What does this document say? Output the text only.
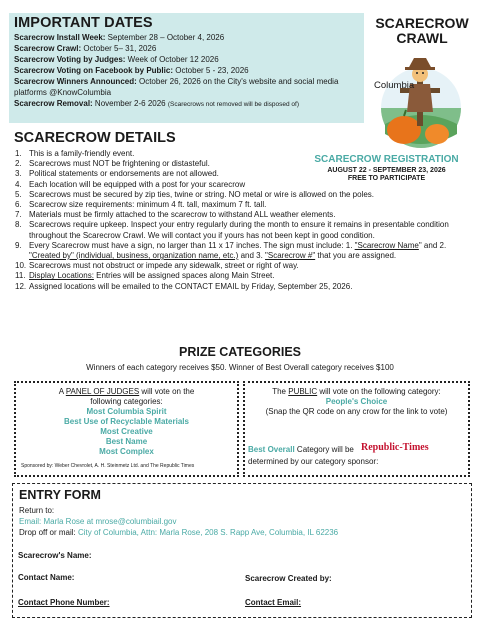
IMPORTANT DATES
Scarecrow Install Week: September 28 – October 4, 2026
Scarecrow Crawl: October 5– 31, 2026
Scarecrow Voting by Judges: Week of October 12 2026
Scarecrow Voting on Facebook by Public: October 5 - 23, 2026
Scarecrow Winners Announced: October 26, 2026 on the City's website and social media platforms @KnowColumbia
Scarecrow Removal: November 2-6 2026 (Scarecrows not removed will be disposed of)
SCARECROW
CRAWL
Columbia
SCARECROW DETAILS
SCARECROW REGISTRATION
AUGUST 22 - SEPTEMBER 23, 2026
FREE TO PARTICIPATE
1. This is a family-friendly event.
2. Scarecrows must NOT be frightening or distasteful.
3. Political statements or endorsements are not allowed.
4. Each location will be equipped with a post for your scarecrow
5. Scarecrows must be secured by zip ties, twine or string. NO metal or wire is allowed on the poles.
6. Scarecrow size requirements: minimum 4 ft. tall, maximum 7 ft. tall.
7. Materials must be firmly attached to the scarecrow to withstand ALL weather elements.
8. Scarecrows require upkeep. Inspect your entry regularly during the month to ensure it remains in presentable condition throughout the Scarecrow Crawl. We will contact you if yours has not been kept in good condition.
9. Every Scarecrow must have a sign, no larger than 11 x 17 inches. The sign must include: 1. "Scarecrow Name" and 2. "Created by" (individual, business, organization name, etc.) and 3. "Scarecrow #" that you are assigned.
10. Scarecrows must not obstruct or impede any sidewalk, street or right of way.
11. Display Locations: Entries will be assigned spaces along Main Street.
12. Assigned locations will be emailed to the CONTACT EMAIL by Friday, September 25, 2026.
PRIZE CATEGORIES
Winners of each category receives $50. Winner of Best Overall category receives $100
A PANEL OF JUDGES will vote on the
following categories:
Most Columbia Spirit
Best Use of Recyclable Materials
Most Creative
Best Name
Most Complex
Sponsored by: Weber Chevrolet, A. H. Steinmetz Ltd. and The Republic Times
The PUBLIC will vote on the following category:
People's Choice
(Snap the QR code on any crow for the link to vote)
Best Overall Category will be
determined by our category sponsor:
Republic-Times
ENTRY FORM
Return to:
Email: Marla Rose at mrose@columbiail.gov
Drop off or mail: City of Columbia, Attn: Marla Rose, 208 S. Rapp Ave, Columbia, IL 62236
Scarecrow's Name:
Contact Name:	Scarecrow Created by:
Contact Phone Number:	Contact Email:
